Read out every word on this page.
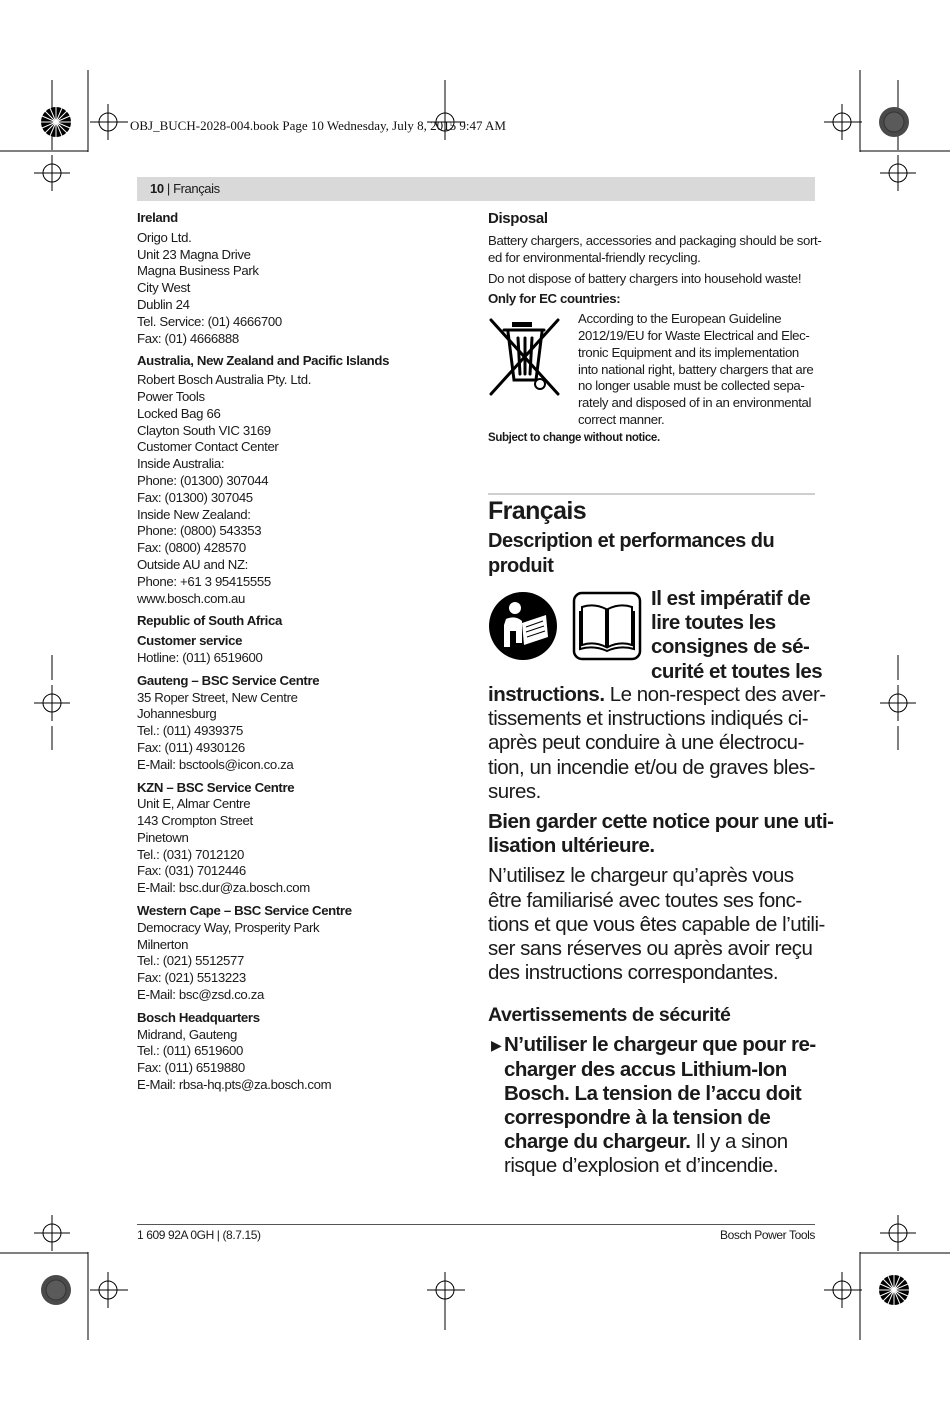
OBJ_BUCH-2028-004.book Page 10 Wednesday, July 8, 2015 9:47 AM
10 | Français
Ireland
Origo Ltd.
Unit 23 Magna Drive
Magna Business Park
City West
Dublin 24
Tel. Service: (01) 4666700
Fax: (01) 4666888
Australia, New Zealand and Pacific Islands
Robert Bosch Australia Pty. Ltd.
Power Tools
Locked Bag 66
Clayton South VIC 3169
Customer Contact Center
Inside Australia:
Phone: (01300) 307044
Fax: (01300) 307045
Inside New Zealand:
Phone: (0800) 543353
Fax: (0800) 428570
Outside AU and NZ:
Phone: +61 3 95415555
www.bosch.com.au
Republic of South Africa
Customer service
Hotline: (011) 6519600
Gauteng – BSC Service Centre
35 Roper Street, New Centre
Johannesburg
Tel.: (011) 4939375
Fax: (011) 4930126
E-Mail: bsctools@icon.co.za
KZN – BSC Service Centre
Unit E, Almar Centre
143 Crompton Street
Pinetown
Tel.: (031) 7012120
Fax: (031) 7012446
E-Mail: bsc.dur@za.bosch.com
Western Cape – BSC Service Centre
Democracy Way, Prosperity Park
Milnerton
Tel.: (021) 5512577
Fax: (021) 5513223
E-Mail: bsc@zsd.co.za
Bosch Headquarters
Midrand, Gauteng
Tel.: (011) 6519600
Fax: (011) 6519880
E-Mail: rbsa-hq.pts@za.bosch.com
Disposal
Battery chargers, accessories and packaging should be sort-
ed for environmental-friendly recycling.
Do not dispose of battery chargers into household waste!
Only for EC countries:
According to the European Guideline
2012/19/EU for Waste Electrical and Elec-
tronic Equipment and its implementation
into national right, battery chargers that are
no longer usable must be collected sepa-
rately and disposed of in an environmental
correct manner.
Subject to change without notice.
Français
Description et performances du
produit
Il est impératif de
lire toutes les
consignes de sé-
curité et toutes les
instructions. Le non-respect des aver-
tissements et instructions indiqués ci-
après peut conduire à une électrocu-
tion, un incendie et/ou de graves bles-
sures.
Bien garder cette notice pour une uti-
lisation ultérieure.
N’utilisez le chargeur qu’après vous
être familiarisé avec toutes ses fonc-
tions et que vous êtes capable de l’utili-
ser sans réserves ou après avoir reçu
des instructions correspondantes.
Avertissements de sécurité
▶ N’utiliser le chargeur que pour re-
charger des accus Lithium-Ion
Bosch. La tension de l’accu doit
correspondre à la tension de
charge du chargeur. Il y a sinon
risque d’explosion et d’incendie.
1 609 92A 0GH | (8.7.15)	Bosch Power Tools
